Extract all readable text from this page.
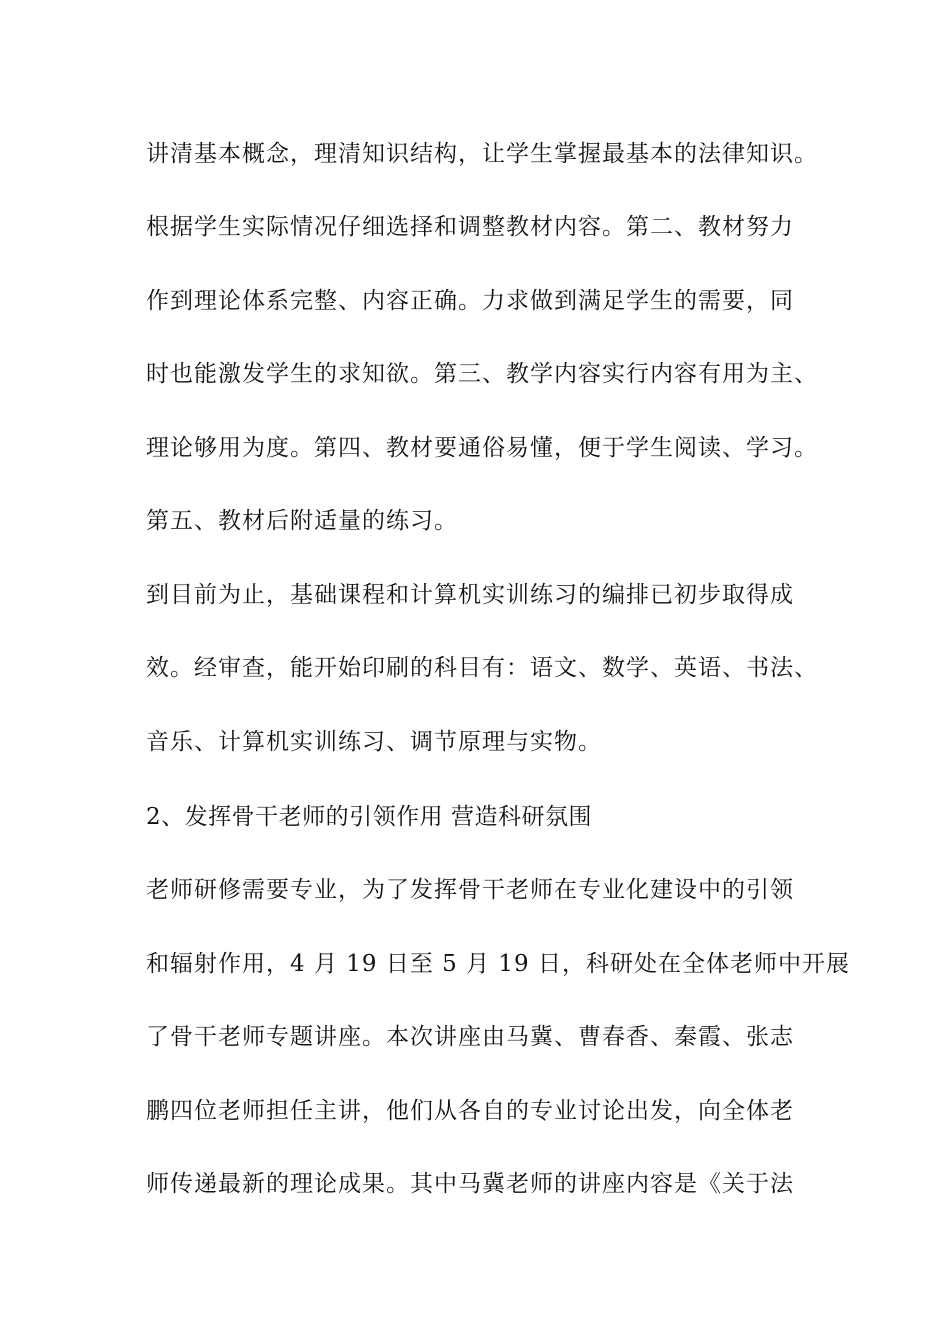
讲清基本概念，理清知识结构，让学生掌握最基本的法律知识。
根据学生实际情况仔细选择和调整教材内容。第二、教材努力
作到理论体系完整、内容正确。力求做到满足学生的需要，同
时也能激发学生的求知欲。第三、教学内容实行内容有用为主、
理论够用为度。第四、教材要通俗易懂，便于学生阅读、学习。
第五、教材后附适量的练习。
到目前为止，基础课程和计算机实训练习的编排已初步取得成
效。经审查，能开始印刷的科目有：语文、数学、英语、书法、
音乐、计算机实训练习、调节原理与实物。
2、发挥骨干老师的引领作用 营造科研氛围
老师研修需要专业，为了发挥骨干老师在专业化建设中的引领
和辐射作用，4 月 19 日至 5 月 19 日，科研处在全体老师中开展
了骨干老师专题讲座。本次讲座由马冀、曹春香、秦霞、张志
鹏四位老师担任主讲，他们从各自的专业讨论出发，向全体老
师传递最新的理论成果。其中马冀老师的讲座内容是《关于法
